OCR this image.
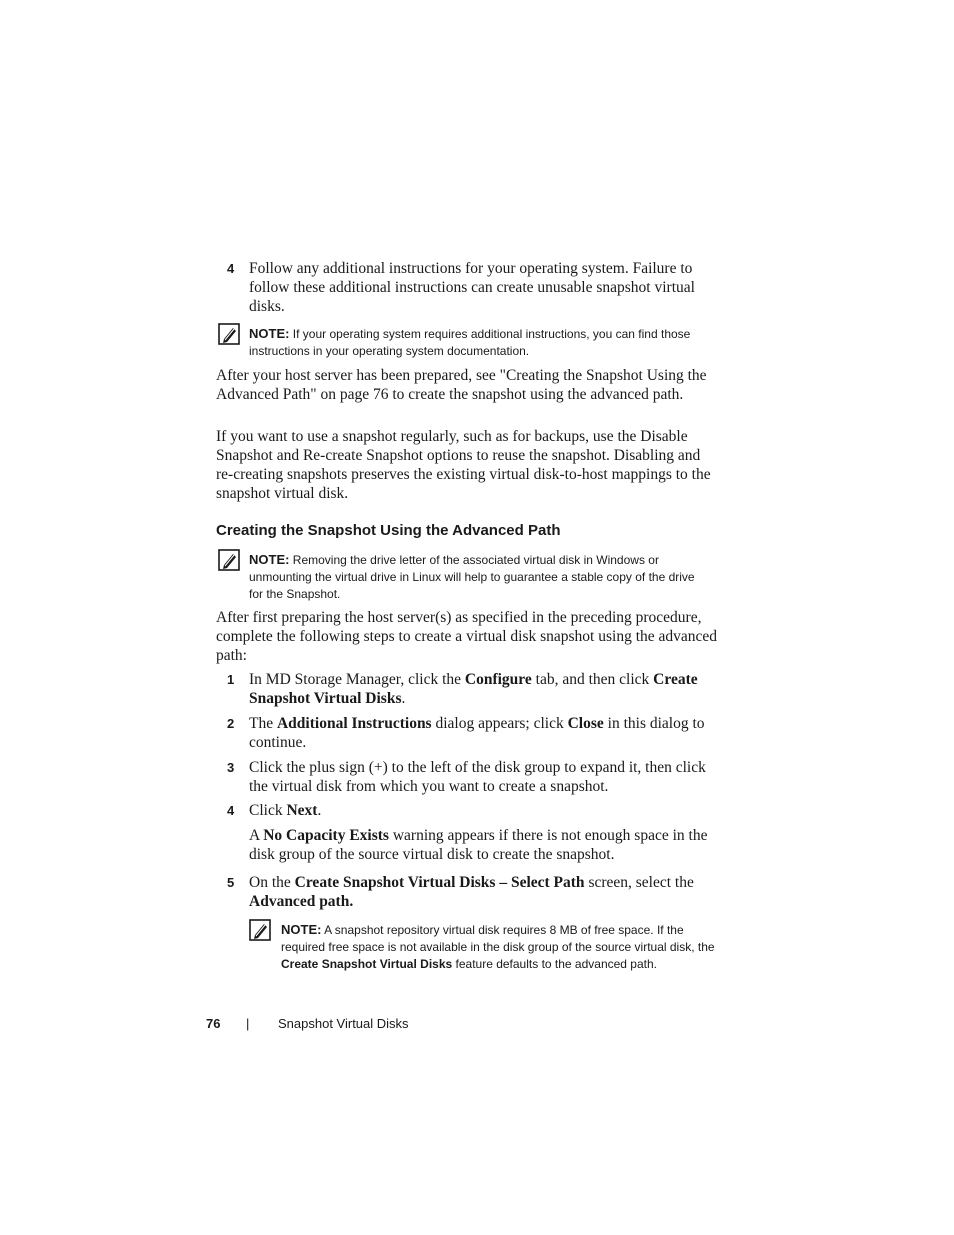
4 Follow any additional instructions for your operating system. Failure to follow these additional instructions can create unusable snapshot virtual disks.
NOTE: If your operating system requires additional instructions, you can find those instructions in your operating system documentation.
After your host server has been prepared, see "Creating the Snapshot Using the Advanced Path" on page 76 to create the snapshot using the advanced path.
If you want to use a snapshot regularly, such as for backups, use the Disable Snapshot and Re-create Snapshot options to reuse the snapshot. Disabling and re-creating snapshots preserves the existing virtual disk-to-host mappings to the snapshot virtual disk.
Creating the Snapshot Using the Advanced Path
NOTE: Removing the drive letter of the associated virtual disk in Windows or unmounting the virtual drive in Linux will help to guarantee a stable copy of the drive for the Snapshot.
After first preparing the host server(s) as specified in the preceding procedure, complete the following steps to create a virtual disk snapshot using the advanced path:
1 In MD Storage Manager, click the Configure tab, and then click Create Snapshot Virtual Disks.
2 The Additional Instructions dialog appears; click Close in this dialog to continue.
3 Click the plus sign (+) to the left of the disk group to expand it, then click the virtual disk from which you want to create a snapshot.
4 Click Next.
A No Capacity Exists warning appears if there is not enough space in the disk group of the source virtual disk to create the snapshot.
5 On the Create Snapshot Virtual Disks – Select Path screen, select the Advanced path.
NOTE: A snapshot repository virtual disk requires 8 MB of free space. If the required free space is not available in the disk group of the source virtual disk, the Create Snapshot Virtual Disks feature defaults to the advanced path.
76 | Snapshot Virtual Disks
